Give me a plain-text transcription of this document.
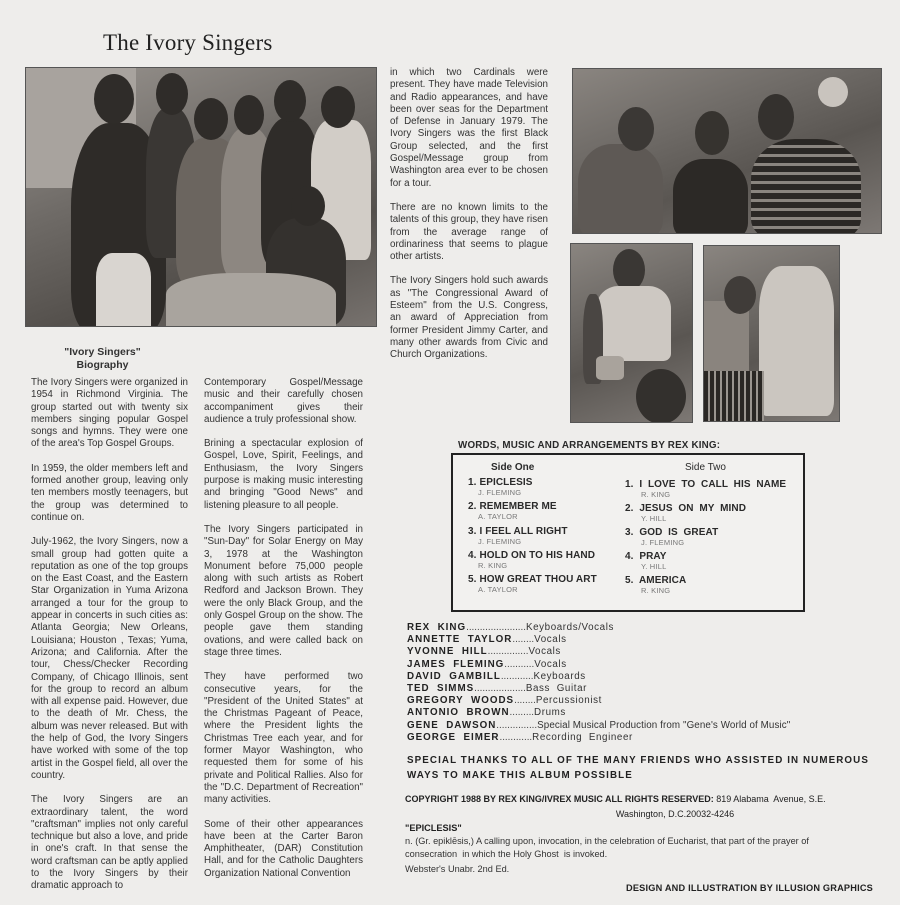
The Ivory Singers
"Ivory Singers"
Biography

The Ivory Singers were organized in 1954 in Richmond Virginia. The group started out with twenty six members singing popular Gospel songs and hymns. They were one of the area's Top Gospel Groups.

In 1959, the older members left and formed another group, leaving only ten members mostly teenagers, but the group was determined to continue on.

July-1962, the Ivory Singers, now a small group had gotten quite a reputation as one of the top groups on the East Coast, and the Eastern Star Organization in Yuma Arizona arranged a tour for the group to appear in concerts in such cities as: Atlanta Georgia; New Orleans, Louisiana; Houston , Texas; Yuma, Arizona; and California. After the tour, Chess/Checker Recording Company, of Chicago Illinois, sent for the group to record an album with all expense paid. However, due to the death of Mr. Chess, the album was never released. But with the help of God, the Ivory Singers have worked with some of the top artist in the Gospel field, all over the country.

The Ivory Singers are an extraordinary talent, the word "craftsman" implies not only careful technique but also a love, and pride in one's craft. In that sense the word craftsman can be aptly applied to the Ivory Singers by their dramatic approach to

Contemporary Gospel/Message music and their carefully chosen accompaniment gives their audience a truly professional show.

Brining a spectacular explosion of Gospel, Love, Spirit, Feelings, and Enthusiasm, the Ivory Singers purpose is making music interesting and bringing "Good News" and listening pleasure to all people.

The Ivory Singers participated in "Sun-Day" for Solar Energy on May 3, 1978 at the Washington Monument before 75,000 people along with such artists as Robert Redford and Jackson Brown. They were the only Black Group, and the only Gospel Group on the show. The people gave them standing ovations, and were called back on stage three times.

They have performed two consecutive years, for the "President of the United States" at the Christmas Pageant of Peace, where the President lights the Christmas Tree each year, and for former Mayor Washington, who requested them for some of his private and Political Rallies. Also for the "D.C. Department of Recreation" many activities.

Some of their other appearances have been at the Carter Baron Amphitheater, (DAR) Constitution Hall, and for the Catholic Daughters Organization National Convention

in which two Cardinals were present. They have made Television and Radio appearances, and have been over seas for the Department of Defense in January 1979. The Ivory Singers was the first Black Group selected, and the first Gospel/Message group from Washington area ever to be chosen for a tour.

There are no known limits to the talents of this group, they have risen from the average range of ordinariness that seems to plague other artists.

The Ivory Singers hold such awards as "The Congressional Award of Esteem" from the U.S. Congress, an award of Appreciation from former President Jimmy Carter, and many other awards from Civic and Church Organizations.

WORDS, MUSIC AND ARRANGEMENTS BY REX KING:
Side One	Side Two
1. EPICLESIS
J. FLEMING
2. REMEMBER ME
A. TAYLOR
3. I FEEL ALL RIGHT
J. FLEMING
4. HOLD ON TO HIS HAND
R. KING
5. HOW GREAT THOU ART
A. TAYLOR
1. I  LOVE  TO  CALL  HIS  NAME
R. KING
2. JESUS  ON  MY  MIND
Y. HILL
3. GOD  IS  GREAT
J. FLEMING
4. PRAY
Y. HILL
5. AMERICA
R. KING
REX  KING......................Keyboards/Vocals
ANNETTE  TAYLOR........Vocals
YVONNE  HILL...............Vocals
JAMES  FLEMING...........Vocals
DAVID  GAMBILL............Keyboards
TED  SIMMS...................Bass  Guitar
GREGORY  WOODS........Percussionist
ANTONIO  BROWN.........Drums
GENE  DAWSON...............Special Musical Production from "Gene's World of Music"
GEORGE  EIMER............Recording  Engineer
SPECIAL THANKS TO ALL OF THE MANY FRIENDS WHO ASSISTED IN NUMEROUS WAYS TO MAKE THIS ALBUM POSSIBLE
COPYRIGHT 1988 BY REX KING/IVREX MUSIC ALL RIGHTS RESERVED: 819 Alabama  Avenue, S.E.
Washington, D.C.20032-4246
"EPICLESIS"
n. (Gr. epiklēsis,) A calling upon, invocation, in the celebration of Eucharist, that part of the prayer of
consecration  in which the Holy Ghost  is invoked.
Webster's Unabr. 2nd Ed.
DESIGN AND ILLUSTRATION BY ILLUSION GRAPHICS
